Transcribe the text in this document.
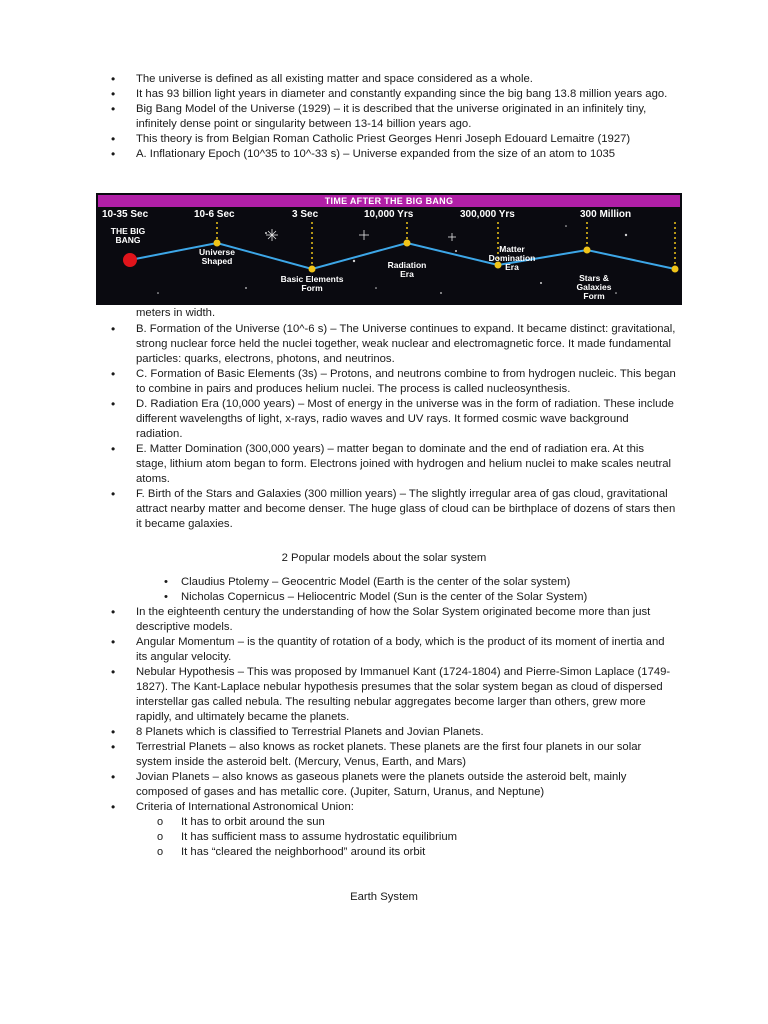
• The universe is defined as all existing matter and space considered as a whole.
• It has 93 billion light years in diameter and constantly expanding since the big bang 13.8 million years ago.
• Big Bang Model of the Universe (1929) – it is described that the universe originated in an infinitely tiny, infinitely dense point or singularity between 13-14 billion years ago.
• This theory is from Belgian Roman Catholic Priest Georges Henri Joseph Edouard Lemaitre (1927)
• A. Inflationary Epoch (10^35 to 10^-33 s) – Universe expanded from the size of an atom to 1035
TIME AFTER THE BIG BANG
10-35 Sec	10-6 Sec	3 Sec	10,000 Yrs	300,000 Yrs	300 Million
THE BIG BANG
Universe Shaped
Basic Elements Form
Radiation Era
Matter Domination Era
Stars & Galaxies Form
meters in width.
• B. Formation of the Universe (10^-6 s) – The Universe continues to expand. It became distinct: gravitational, strong nuclear force held the nuclei together, weak nuclear and electromagnetic force. It made fundamental particles: quarks, electrons, photons, and neutrinos.
• C. Formation of Basic Elements (3s) – Protons, and neutrons combine to from hydrogen nucleic. This began to combine in pairs and produces helium nuclei. The process is called nucleosynthesis.
• D. Radiation Era (10,000 years) – Most of energy in the universe was in the form of radiation. These include different wavelengths of light, x-rays, radio waves and UV rays. It formed cosmic wave background radiation.
• E. Matter Domination (300,000 years) – matter began to dominate and the end of radiation era. At this stage, lithium atom began to form. Electrons joined with hydrogen and helium nuclei to make scales neutral atoms.
• F. Birth of the Stars and Galaxies (300 million years) – The slightly irregular area of gas cloud, gravitational attract nearby matter and become denser. The huge glass of cloud can be birthplace of dozens of stars then it became galaxies.
2 Popular models about the solar system
• Claudius Ptolemy – Geocentric Model (Earth is the center of the solar system)
• Nicholas Copernicus – Heliocentric Model (Sun is the center of the Solar System)
• In the eighteenth century the understanding of how the Solar System originated become more than just descriptive models.
• Angular Momentum – is the quantity of rotation of a body, which is the product of its moment of inertia and its angular velocity.
• Nebular Hypothesis – This was proposed by Immanuel Kant (1724-1804) and Pierre-Simon Laplace (1749-1827). The Kant-Laplace nebular hypothesis presumes that the solar system began as cloud of dispersed interstellar gas called nebula. The resulting nebular aggregates become larger than others, grew more rapidly, and ultimately became the planets.
• 8 Planets which is classified to Terrestrial Planets and Jovian Planets.
• Terrestrial Planets – also knows as rocket planets. These planets are the first four planets in our solar system inside the asteroid belt. (Mercury, Venus, Earth, and Mars)
• Jovian Planets – also knows as gaseous planets were the planets outside the asteroid belt, mainly composed of gases and has metallic core. (Jupiter, Saturn, Uranus, and Neptune)
• Criteria of International Astronomical Union:
o It has to orbit around the sun
o It has sufficient mass to assume hydrostatic equilibrium
o It has “cleared the neighborhood” around its orbit
Earth System
